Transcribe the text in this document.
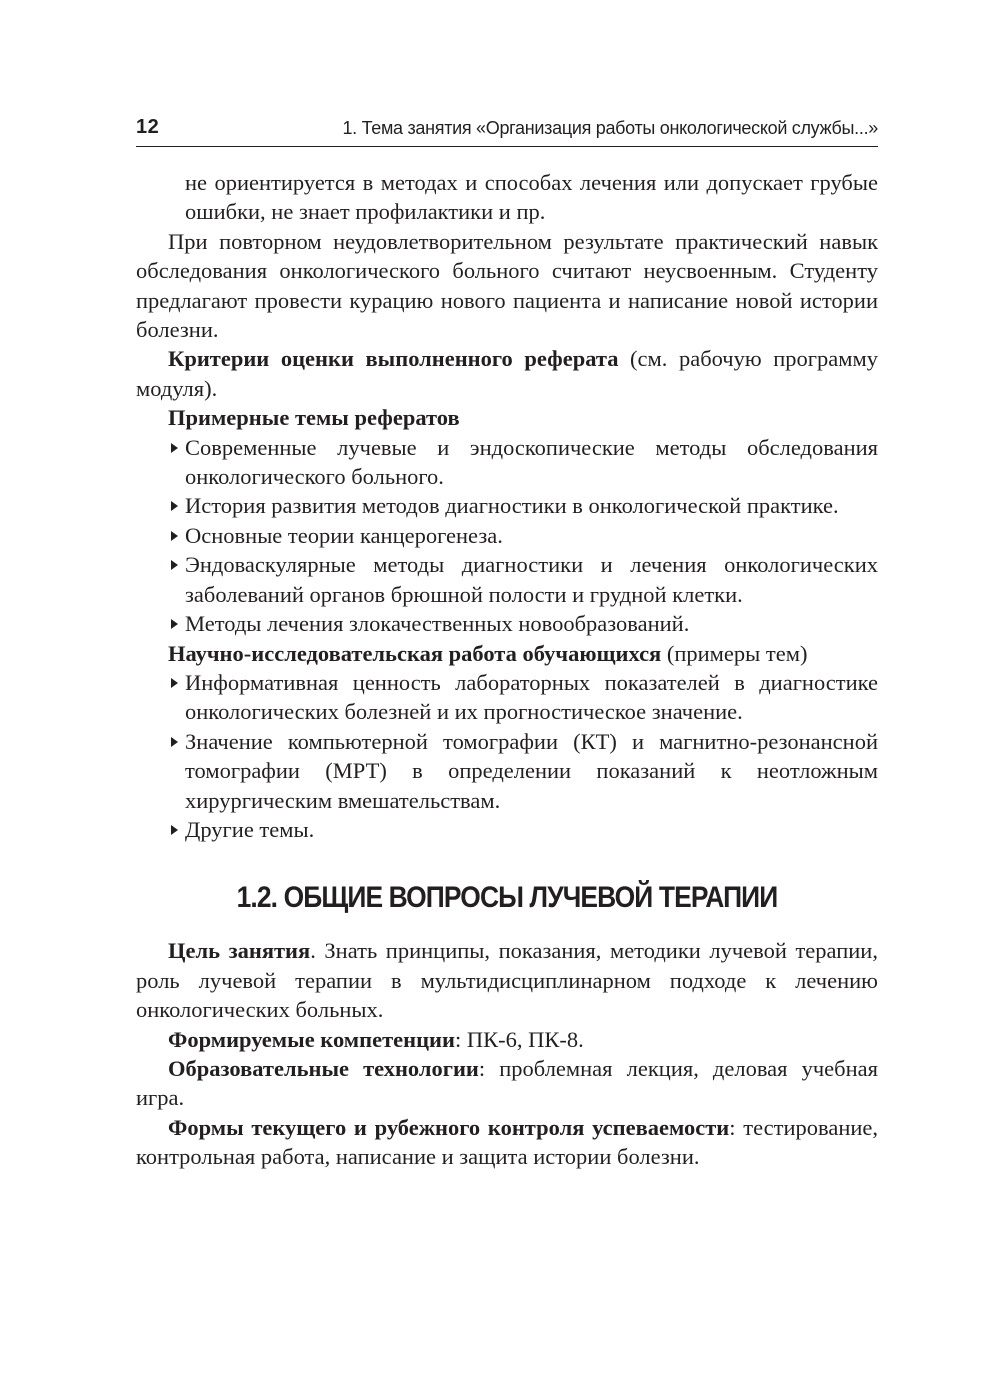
12	1. Тема занятия «Организация работы онкологической службы...»

не ориентируется в методах и способах лечения или допускает грубые ошибки, не знает профилактики и пр.

При повторном неудовлетворительном результате практический навык обследования онкологического больного считают неусвоенным. Студенту предлагают провести курацию нового пациента и написание новой истории болезни.

Критерии оценки выполненного реферата (см. рабочую программу модуля).

Примерные темы рефератов

Современные лучевые и эндоскопические методы обследования онкологического больного.
История развития методов диагностики в онкологической практике.
Основные теории канцерогенеза.
Эндоваскулярные методы диагностики и лечения онкологических заболеваний органов брюшной полости и грудной клетки.
Методы лечения злокачественных новообразований.

Научно-исследовательская работа обучающихся (примеры тем)

Информативная ценность лабораторных показателей в диагностике онкологических болезней и их прогностическое значение.
Значение компьютерной томографии (КТ) и магнитно-резонансной томографии (МРТ) в определении показаний к неотложным хирургическим вмешательствам.
Другие темы.
1.2. ОБЩИЕ ВОПРОСЫ ЛУЧЕВОЙ ТЕРАПИИ

Цель занятия. Знать принципы, показания, методики лучевой терапии, роль лучевой терапии в мультидисциплинарном подходе к лечению онкологических больных.

Формируемые компетенции: ПК-6, ПК-8.

Образовательные технологии: проблемная лекция, деловая учебная игра.

Формы текущего и рубежного контроля успеваемости: тестирование, контрольная работа, написание и защита истории болезни.
